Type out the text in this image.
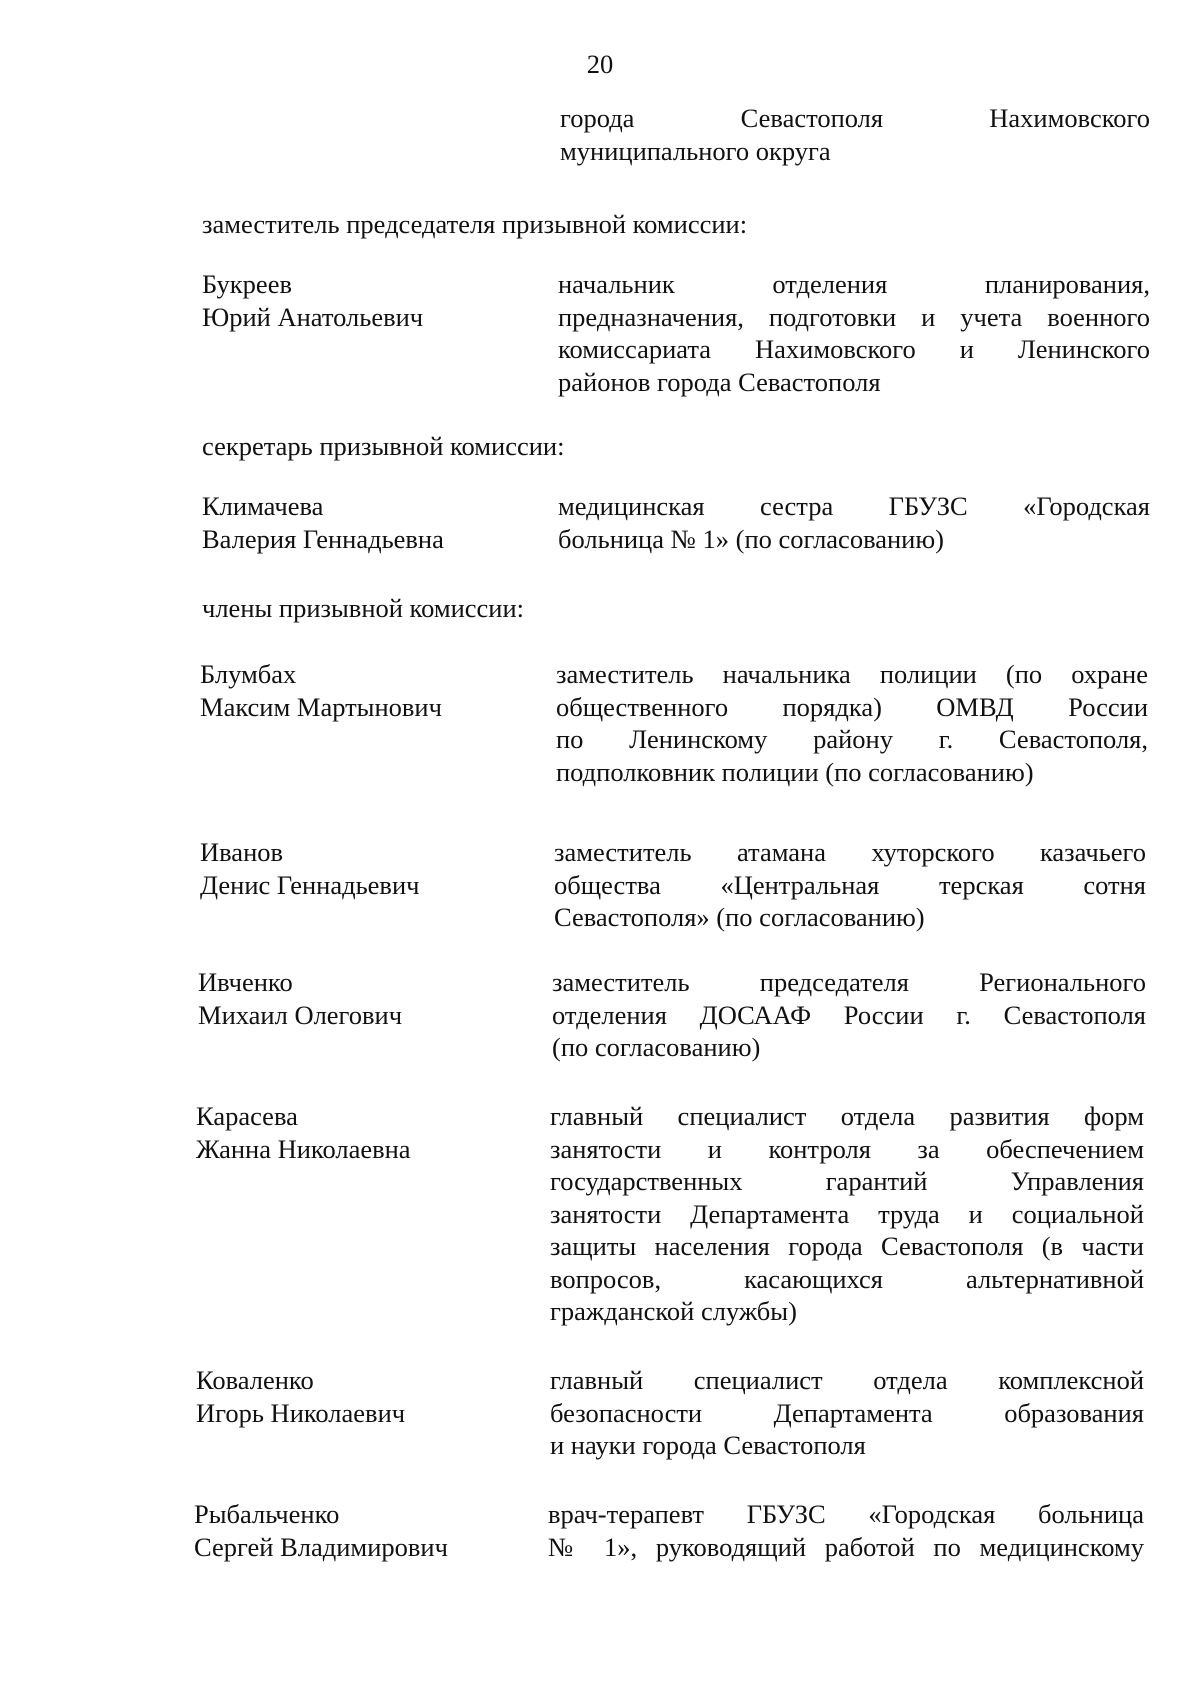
20
города Севастополя Нахимовского
муниципального округа
заместитель председателя призывной комиссии:
Букреев
Юрий Анатольевич
начальник отделения планирования,
предназначения, подготовки и учета военного
комиссариата Нахимовского и Ленинского
районов города Севастополя
секретарь призывной комиссии:
Климачева
Валерия Геннадьевна
медицинская сестра ГБУЗС «Городская
больница № 1» (по согласованию)
члены призывной комиссии:
Блумбах
Максим Мартынович
заместитель начальника полиции (по охране
общественного порядка) ОМВД России
по Ленинскому району г. Севастополя,
подполковник полиции (по согласованию)
Иванов
Денис Геннадьевич
заместитель атамана хуторского казачьего
общества «Центральная терская сотня
Севастополя» (по согласованию)
Ивченко
Михаил Олегович
заместитель председателя Регионального
отделения ДОСААФ России г. Севастополя
(по согласованию)
Карасева
Жанна Николаевна
главный специалист отдела развития форм
занятости и контроля за обеспечением
государственных гарантий Управления
занятости Департамента труда и социальной
защиты населения города Севастополя (в части
вопросов, касающихся альтернативной
гражданской службы)
Коваленко
Игорь Николаевич
главный специалист отдела комплексной
безопасности Департамента образования
и науки города Севастополя
Рыбальченко
Сергей Владимирович
врач-терапевт ГБУЗС «Городская больница
№ 1», руководящий работой по медицинскому
